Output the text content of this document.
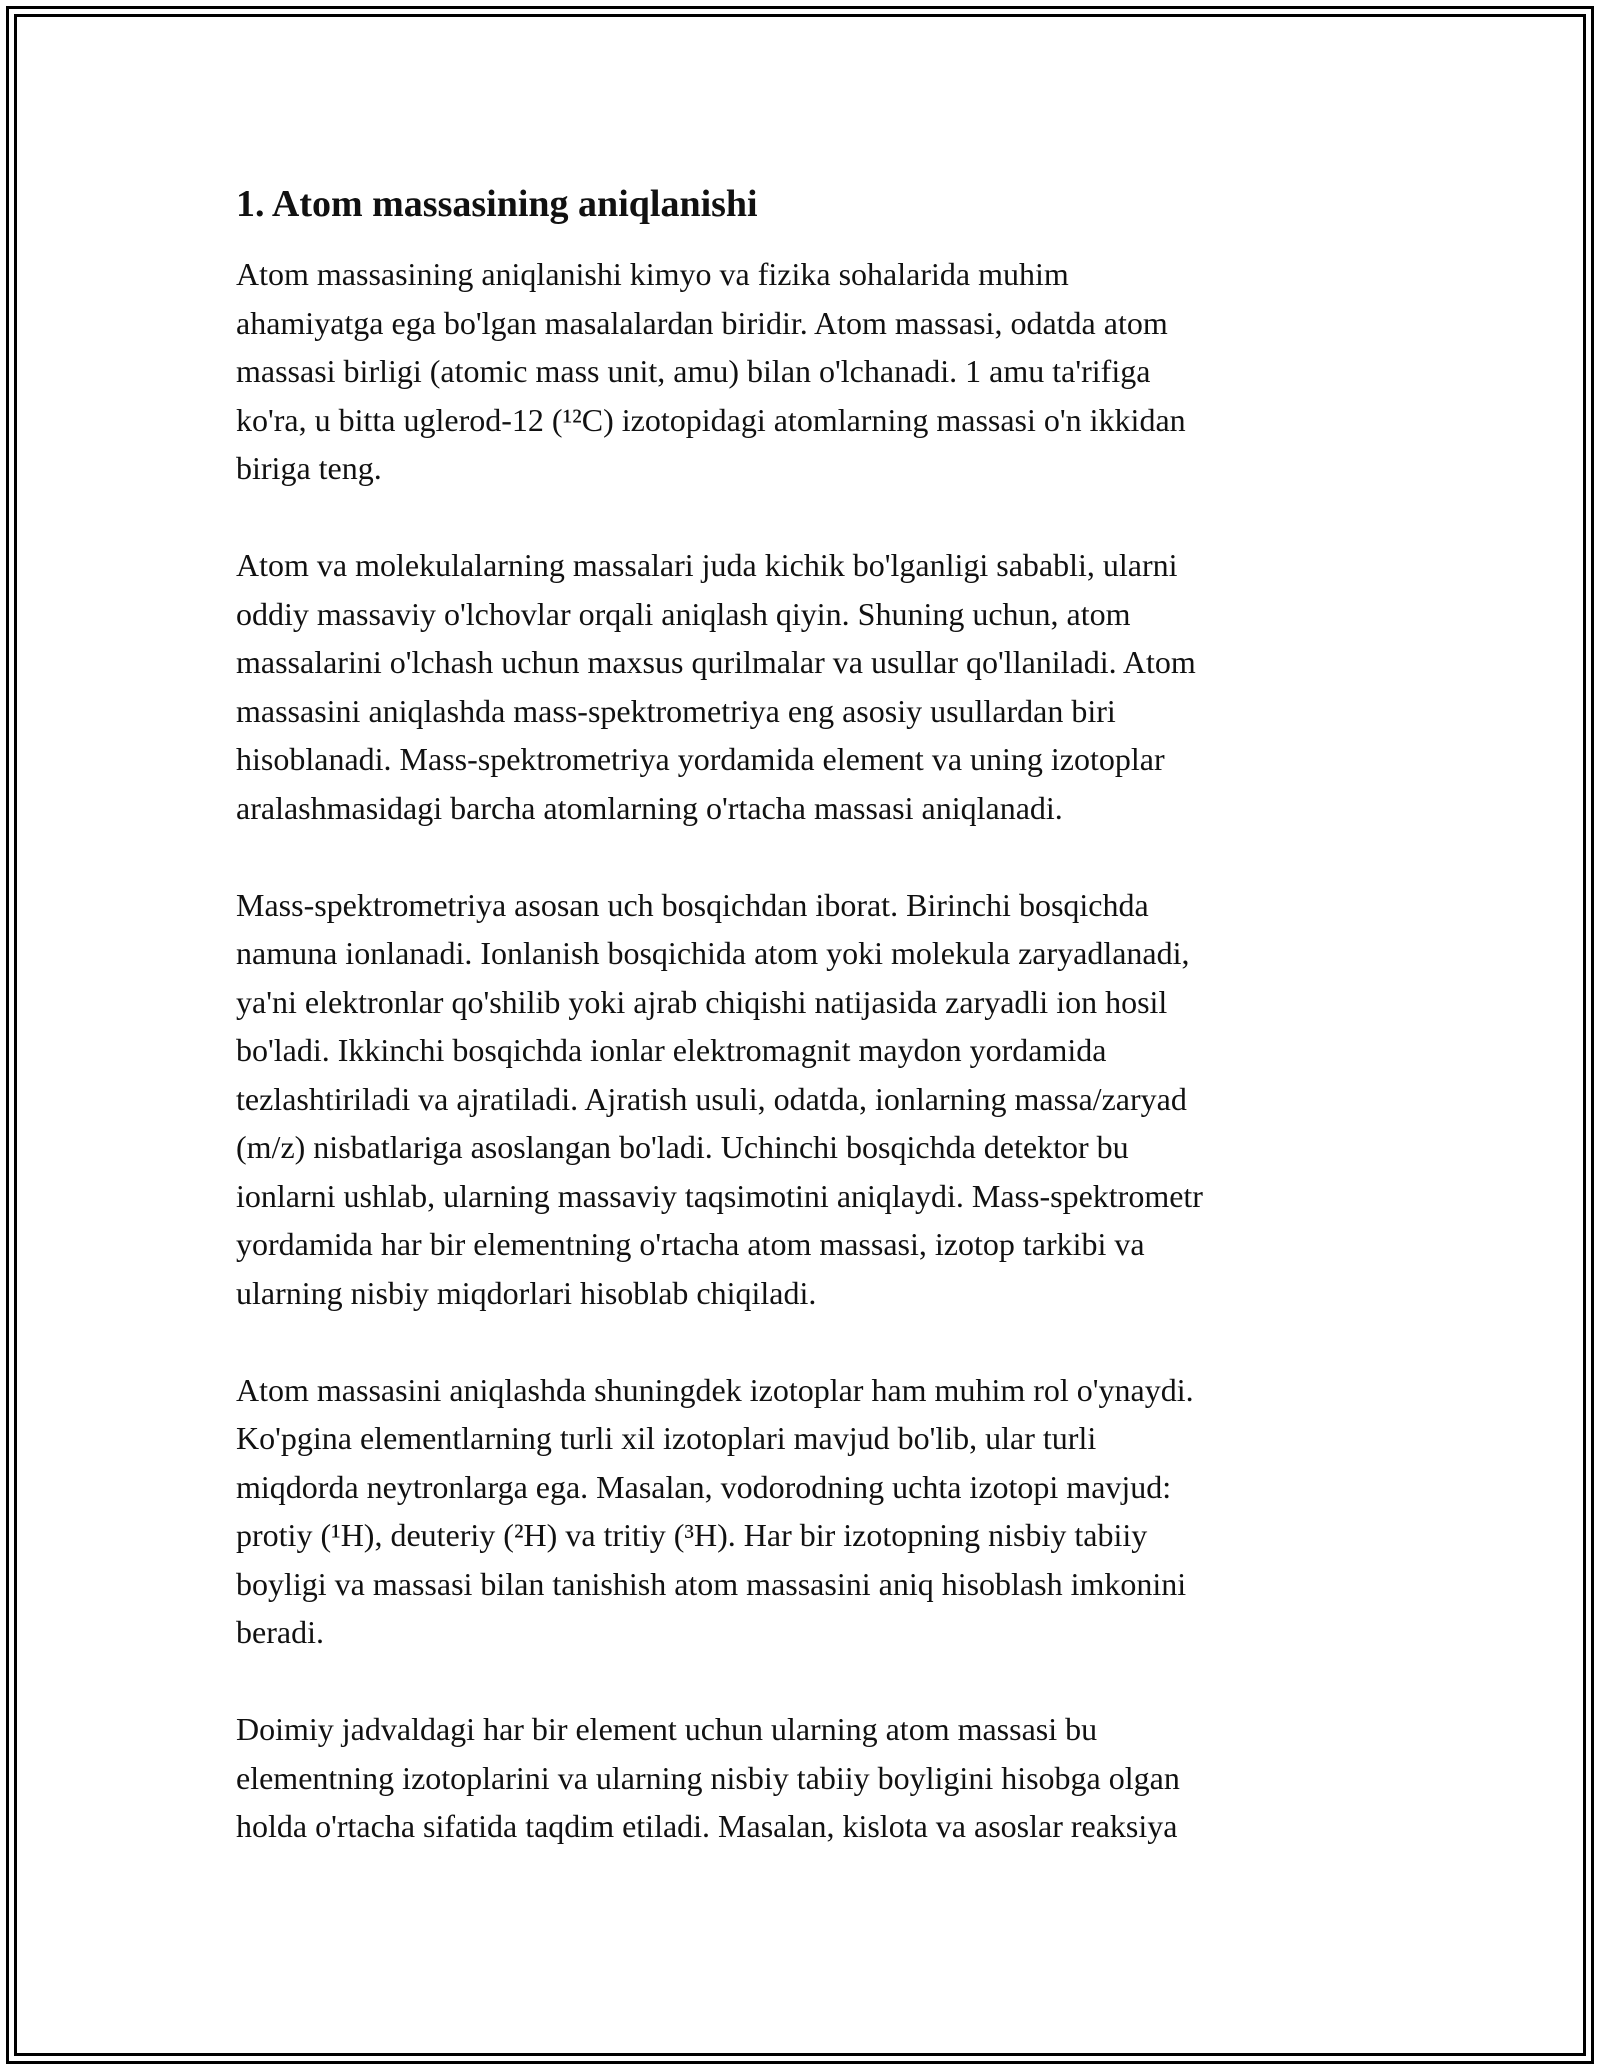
1. Atom massasining aniqlanishi

Atom massasining aniqlanishi kimyo va fizika sohalarida muhim
ahamiyatga ega bo'lgan masalalardan biridir. Atom massasi, odatda atom
massasi birligi (atomic mass unit, amu) bilan o'lchanadi. 1 amu ta'rifiga
ko'ra, u bitta uglerod-12 (¹²C) izotopidagi atomlarning massasi o'n ikkidan
biriga teng.

Atom va molekulalarning massalari juda kichik bo'lganligi sababli, ularni
oddiy massaviy o'lchovlar orqali aniqlash qiyin. Shuning uchun, atom
massalarini o'lchash uchun maxsus qurilmalar va usullar qo'llaniladi. Atom
massasini aniqlashda mass-spektrometriya eng asosiy usullardan biri
hisoblanadi. Mass-spektrometriya yordamida element va uning izotoplar
aralashmasidagi barcha atomlarning o'rtacha massasi aniqlanadi.

Mass-spektrometriya asosan uch bosqichdan iborat. Birinchi bosqichda
namuna ionlanadi. Ionlanish bosqichida atom yoki molekula zaryadlanadi,
ya'ni elektronlar qo'shilib yoki ajrab chiqishi natijasida zaryadli ion hosil
bo'ladi. Ikkinchi bosqichda ionlar elektromagnit maydon yordamida
tezlashtiriladi va ajratiladi. Ajratish usuli, odatda, ionlarning massa/zaryad
(m/z) nisbatlariga asoslangan bo'ladi. Uchinchi bosqichda detektor bu
ionlarni ushlab, ularning massaviy taqsimotini aniqlaydi. Mass-spektrometr
yordamida har bir elementning o'rtacha atom massasi, izotop tarkibi va
ularning nisbiy miqdorlari hisoblab chiqiladi.

Atom massasini aniqlashda shuningdek izotoplar ham muhim rol o'ynaydi.
Ko'pgina elementlarning turli xil izotoplari mavjud bo'lib, ular turli
miqdorda neytronlarga ega. Masalan, vodorodning uchta izotopi mavjud:
protiy (¹H), deuteriy (²H) va tritiy (³H). Har bir izotopning nisbiy tabiiy
boyligi va massasi bilan tanishish atom massasini aniq hisoblash imkonini
beradi.

Doimiy jadvaldagi har bir element uchun ularning atom massasi bu
elementning izotoplarini va ularning nisbiy tabiiy boyligini hisobga olgan
holda o'rtacha sifatida taqdim etiladi. Masalan, kislota va asoslar reaksiya
